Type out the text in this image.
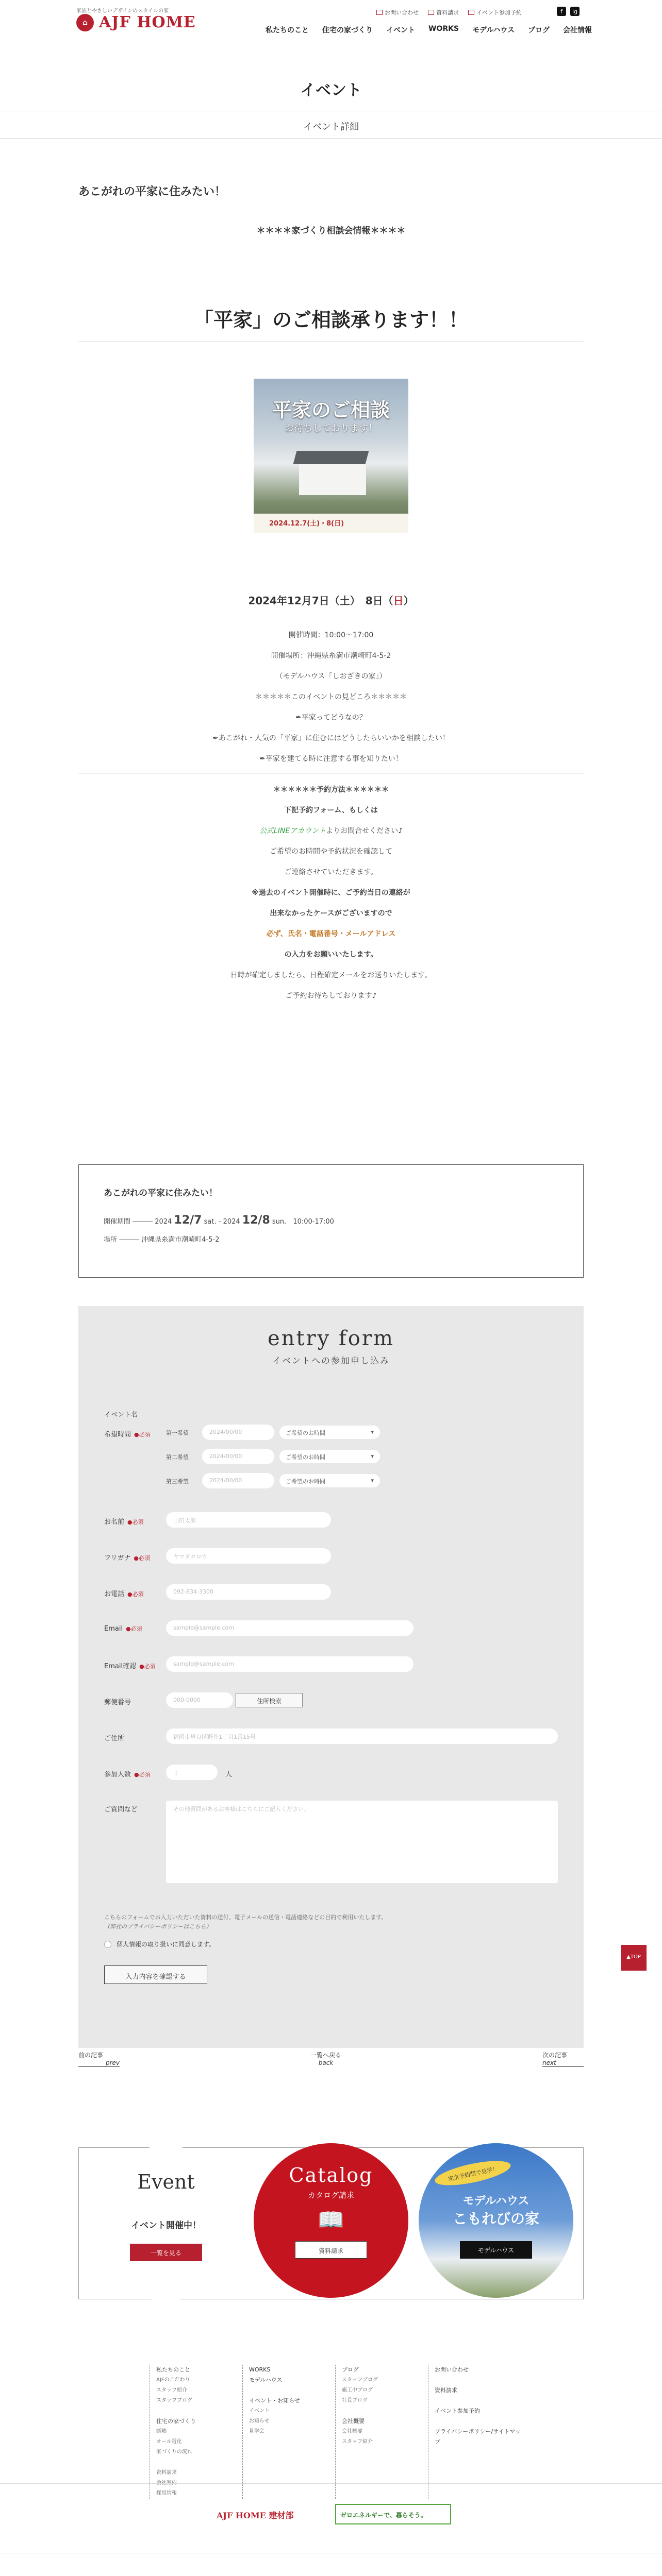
家族とやさしいデザインのスタイルの家
⌂ AJF HOME
お問い合わせ	資料請求	イベント参加予約	f	ig
私たちのこと 住宅の家づくり イベント WORKS モデルハウス ブログ 会社情報
イベント
イベント詳細
あこがれの平家に住みたい！
＊＊＊＊家づくり相談会情報＊＊＊＊
「平家」のご相談承ります！！
平家のご相談
お待ちしております！
2024.12.7(土)・8(日)
2024年12月7日（土）　 8日（日）
開催時間：10:00～17:00
開催場所：沖縄県糸満市潮崎町4-5-2
（モデルハウス「しおざきの家」）
＊＊＊＊＊このイベントの見どころ＊＊＊＊＊
✒︎平家ってどうなの？
✒︎あこがれ・人気の「平家」に住むにはどうしたらいいかを相談したい！
✒︎平家を建てる時に注意する事を知りたい！
＊＊＊＊＊＊予約方法＊＊＊＊＊＊
下記予約フォーム、もしくは
公式LINEアカウントよりお問合せください♪
ご希望のお時間や予約状況を確認して
ご連絡させていただきます。
※過去のイベント開催時に、ご予約当日の連絡が
出来なかったケースがございますので
必ず、氏名・電話番号・メールアドレス
の入力をお願いいたします。
日時が確定しましたら、日程確定メールをお送りいたします。
ご予約お待ちしております♪
あこがれの平家に住みたい！
開催期間 ――― 2024 12/7 sat. - 2024 12/8 sun.　 10:00-17:00
場所 ――― 沖縄県糸満市潮崎町4-5-2
entry form
イベントへの参加申し込み
イベント名
希望時間 ●必須	第一希望	2024/00/00	ご希望のお時間	▾
第二希望	2024/00/00	ご希望のお時間	▾
第三希望	2024/00/00	ご希望のお時間	▾
お名前 ●必須	山田太郎
フリガナ ●必須	ヤマダタロウ
お電話 ●必須	092-834-3300
Email ●必須	sample@sample.com
Email確認 ●必須	sample@sample.com
郵便番号	000-0000	住所検索
ご住所	福岡市早良区野芥1丁目1番15号
参加人数 ●必須	１	人
ご質問など	その他質問があるお客様はこちらにご記入ください。
こちらのフォームでお入力いただいた資料の送付、電子メールの送信・電話連絡などの目的で利用いたします。
（弊社のプライバシーポリシーはこちら）
個人情報の取り扱いに同意します。
入力内容を確認する
前の記事
prev
一覧へ戻る
back
次の記事
next
Event
イベント開催中！
一覧を見る
Catalog
カタログ請求
📖
資料請求
完全予約制で見学！
モデルハウス
こもれびの家
モデルハウス
私たちのこと
AJFのこだわり
スタッフ紹介
スタッフブログ

住宅の家づくり
断熱
オール電化
家づくりの流れ

資料請求
採用情報
WORKS
モデルハウス

イベント・お知らせ
イベント
お知らせ
見学会
ブログ
スタッフブログ
施工中ブログ
社長ブログ

会社概要
会社概要
スタッフ紹介
お問い合わせ

資料請求

イベント参加予約

プライバシーポリシー/サイトマップ
AJF HOME 建材部	ゼロエネルギーで、暮らそう。
▲TOP
